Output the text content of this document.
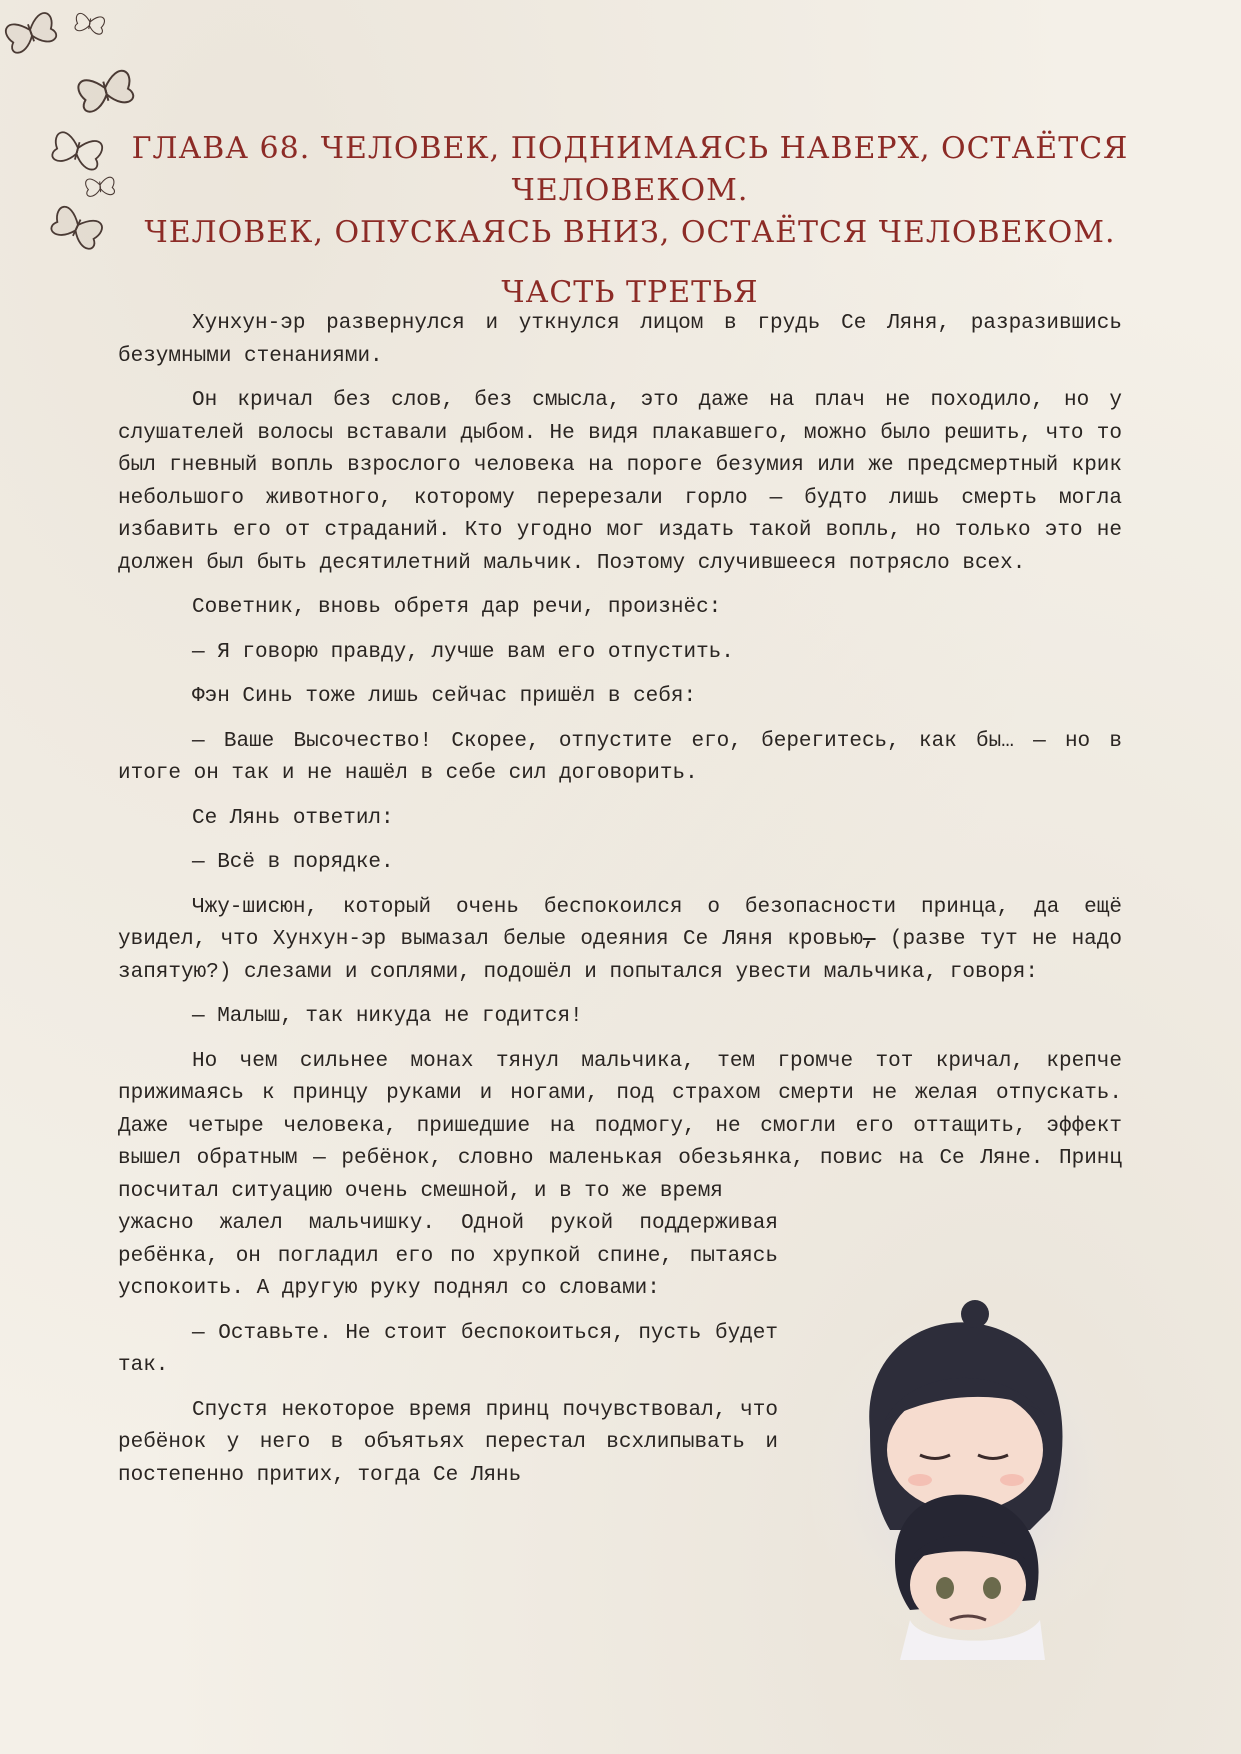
ГЛАВА 68. ЧЕЛОВЕК, ПОДНИМАЯСЬ НАВЕРХ, ОСТАЁТСЯ ЧЕЛОВЕКОМ.
ЧЕЛОВЕК, ОПУСКАЯСЬ ВНИЗ, ОСТАЁТСЯ ЧЕЛОВЕКОМ.
ЧАСТЬ ТРЕТЬЯ

Хунхун-эр развернулся и уткнулся лицом в грудь Се Ляня, разразившись безумными стенаниями.

Он кричал без слов, без смысла, это даже на плач не походило, но у слушателей волосы вставали дыбом. Не видя плакавшего, можно было решить, что то был гневный вопль взрослого человека на пороге безумия или же предсмертный крик небольшого животного, которому перерезали горло — будто лишь смерть могла избавить его от страданий. Кто угодно мог издать такой вопль, но только это не должен был быть десятилетний мальчик. Поэтому случившееся потрясло всех.

Советник, вновь обретя дар речи, произнёс:

— Я говорю правду, лучше вам его отпустить.

Фэн Синь тоже лишь сейчас пришёл в себя:

— Ваше Высочество! Скорее, отпустите его, берегитесь, как бы… — но в итоге он так и не нашёл в себе сил договорить.

Се Лянь ответил:

— Всё в порядке.

Чжу-шисюн, который очень беспокоился о безопасности принца, да ещё увидел, что Хунхун-эр вымазал белые одеяния Се Ляня кровью, (разве тут не надо запятую?) слезами и соплями, подошёл и попытался увести мальчика, говоря:

— Малыш, так никуда не годится!

Но чем сильнее монах тянул мальчика, тем громче тот кричал, крепче прижимаясь к принцу руками и ногами, под страхом смерти не желая отпускать. Даже четыре человека, пришедшие на подмогу, не смогли его оттащить, эффект вышел обратным — ребёнок, словно маленькая обезьянка, повис на Се Ляне. Принц посчитал ситуацию очень смешной, и в то же время

ужасно жалел мальчишку. Одной рукой поддерживая ребёнка, он погладил его по хрупкой спине, пытаясь успокоить. А другую руку поднял со словами:

— Оставьте. Не стоит беспокоиться, пусть будет так.

Спустя некоторое время принц почувствовал, что ребёнок у него в объятьях перестал всхлипывать и постепенно притих, тогда Се Лянь
